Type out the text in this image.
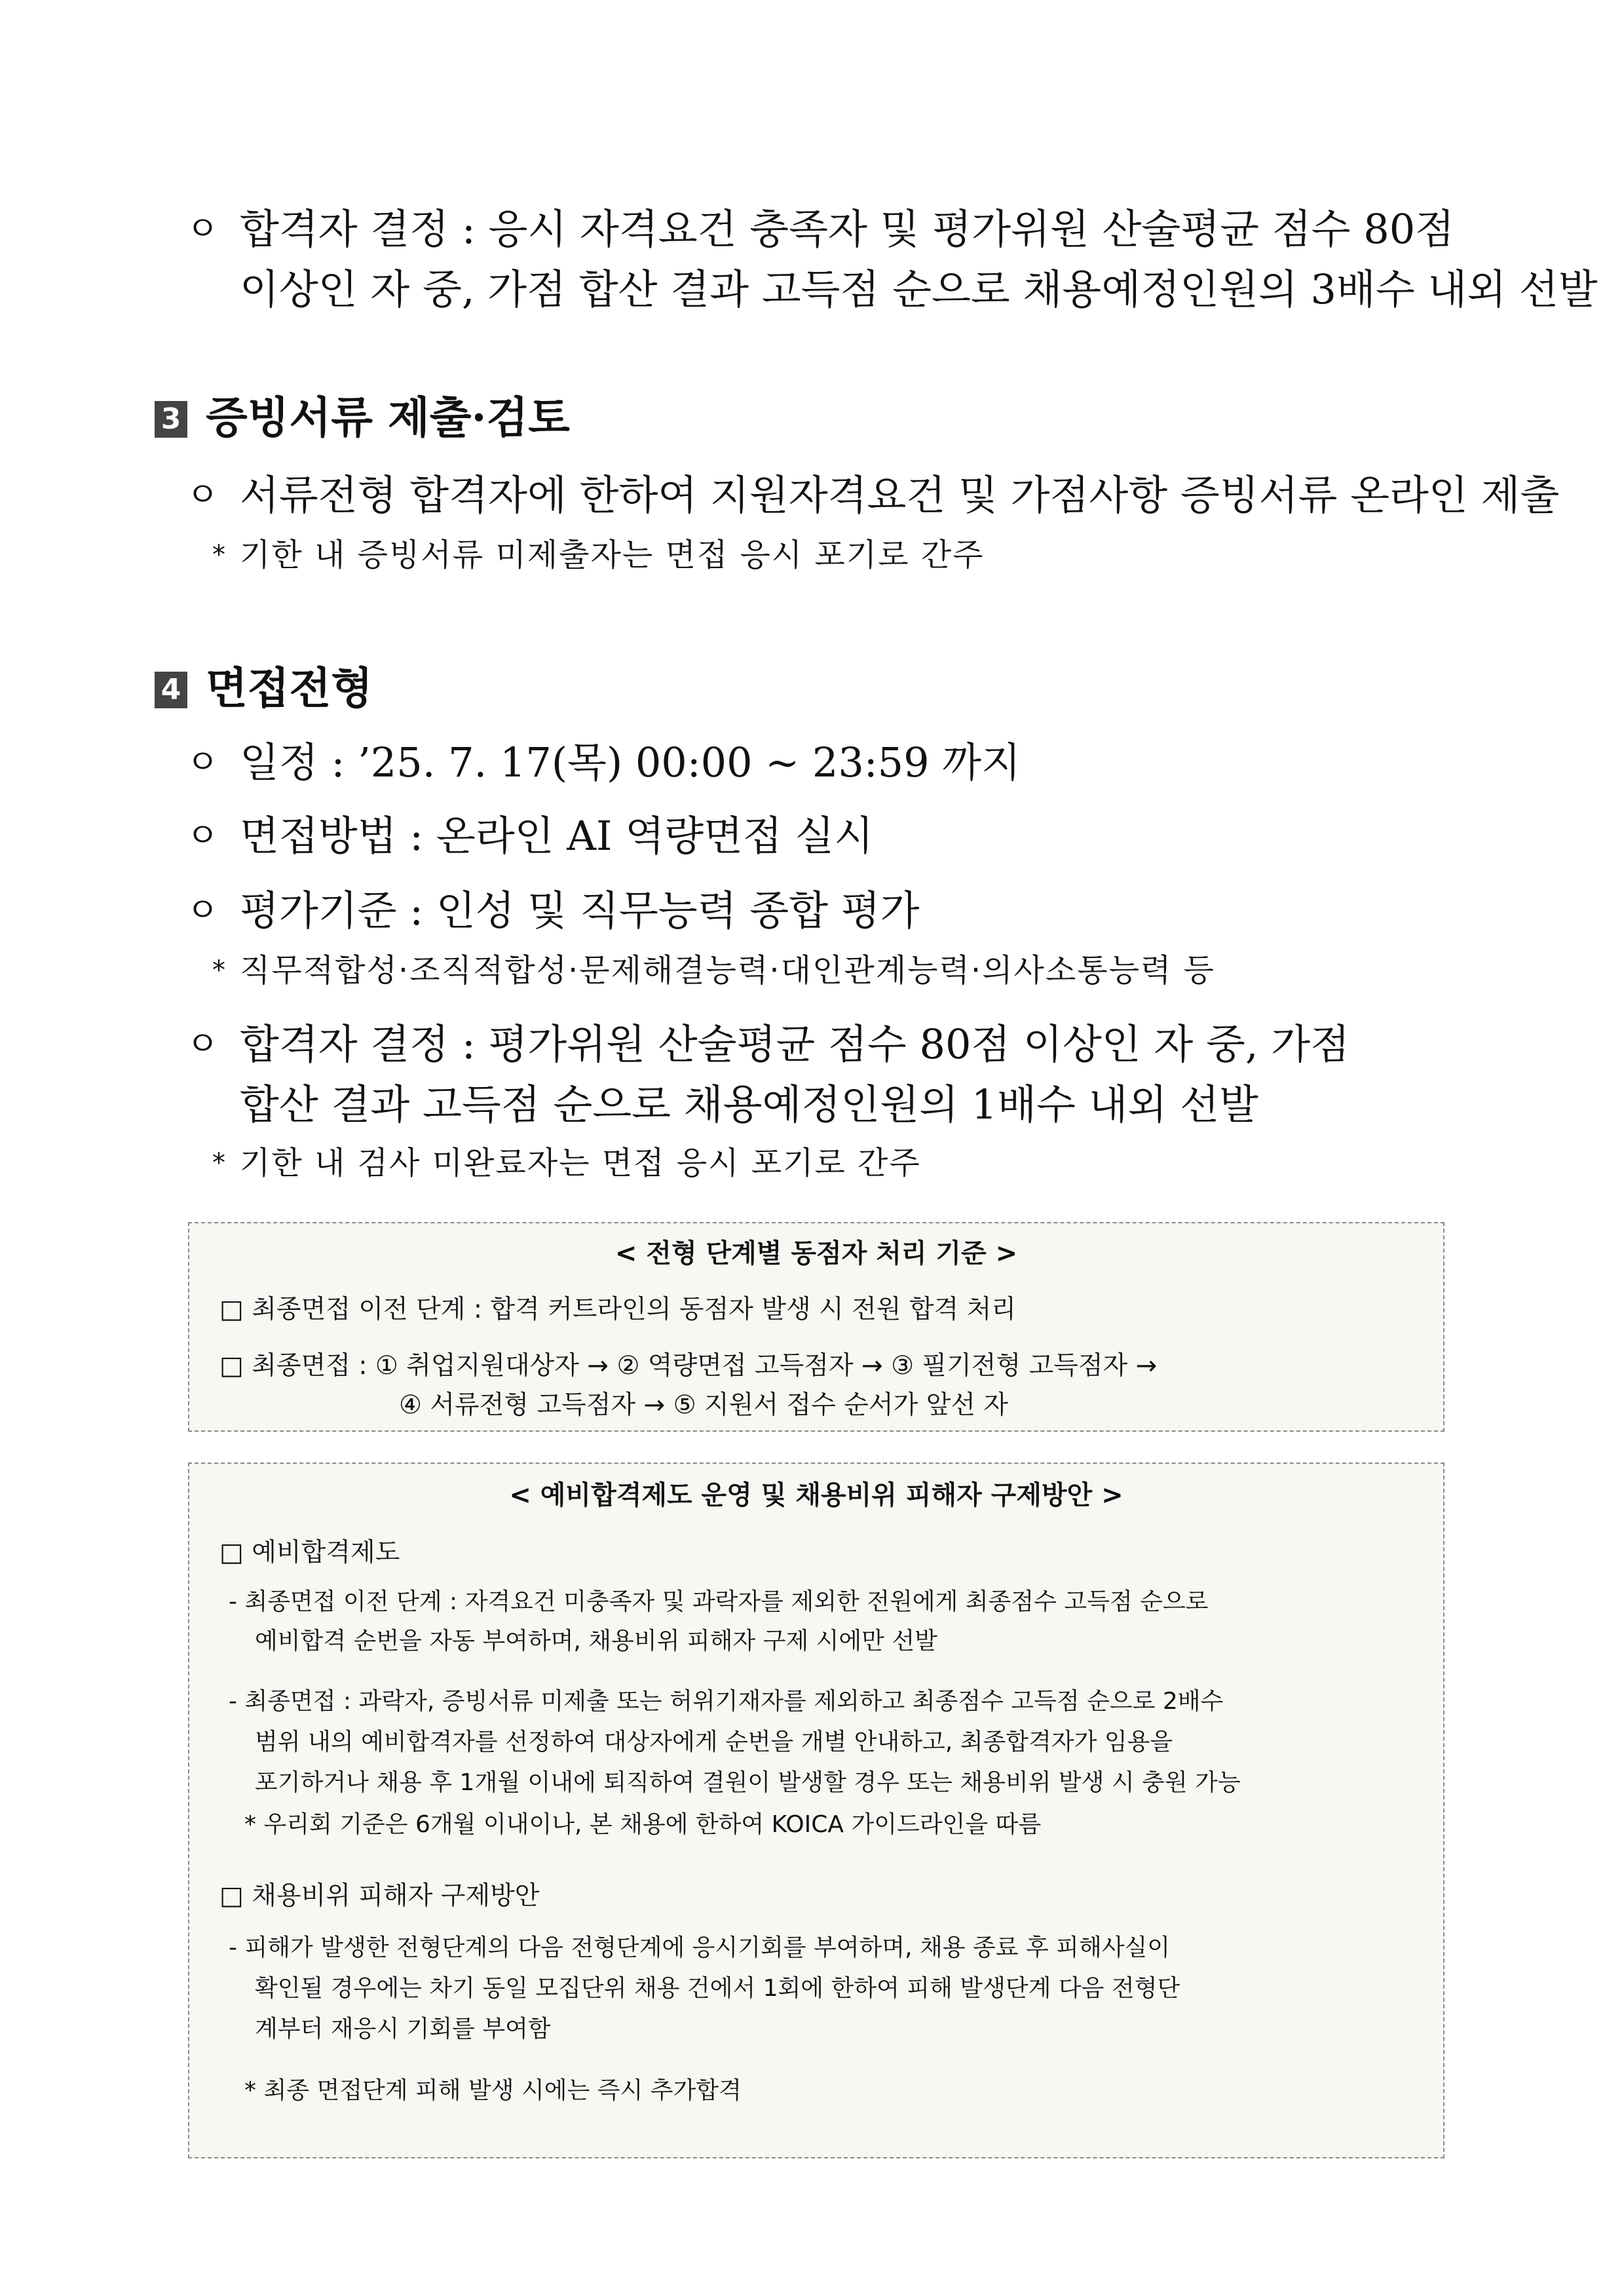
ㅇ 합격자 결정 : 응시 자격요건 충족자 및 평가위원 산술평균 점수 80점
이상인 자 중, 가점 합산 결과 고득점 순으로 채용예정인원의 3배수 내외 선발
3 증빙서류 제출·검토
ㅇ 서류전형 합격자에 한하여 지원자격요건 및 가점사항 증빙서류 온라인 제출
* 기한 내 증빙서류 미제출자는 면접 응시 포기로 간주
4 면접전형
ㅇ 일정 : ’25. 7. 17(목) 00:00 ~ 23:59 까지
ㅇ 면접방법 : 온라인 AI 역량면접 실시
ㅇ 평가기준 : 인성 및 직무능력 종합 평가
* 직무적합성·조직적합성·문제해결능력·대인관계능력·의사소통능력 등
ㅇ 합격자 결정 : 평가위원 산술평균 점수 80점 이상인 자 중, 가점
합산 결과 고득점 순으로 채용예정인원의 1배수 내외 선발
* 기한 내 검사 미완료자는 면접 응시 포기로 간주
< 전형 단계별 동점자 처리 기준 >
□ 최종면접 이전 단계 : 합격 커트라인의 동점자 발생 시 전원 합격 처리
□ 최종면접 : ① 취업지원대상자 → ② 역량면접 고득점자 → ③ 필기전형 고득점자 →
④ 서류전형 고득점자 → ⑤ 지원서 접수 순서가 앞선 자
< 예비합격제도 운영 및 채용비위 피해자 구제방안 >
□ 예비합격제도
- 최종면접 이전 단계 : 자격요건 미충족자 및 과락자를 제외한 전원에게 최종점수 고득점 순으로
예비합격 순번을 자동 부여하며, 채용비위 피해자 구제 시에만 선발
- 최종면접 : 과락자, 증빙서류 미제출 또는 허위기재자를 제외하고 최종점수 고득점 순으로 2배수
범위 내의 예비합격자를 선정하여 대상자에게 순번을 개별 안내하고, 최종합격자가 임용을
포기하거나 채용 후 1개월 이내에 퇴직하여 결원이 발생할 경우 또는 채용비위 발생 시 충원 가능
* 우리회 기준은 6개월 이내이나, 본 채용에 한하여 KOICA 가이드라인을 따름
□ 채용비위 피해자 구제방안
- 피해가 발생한 전형단계의 다음 전형단계에 응시기회를 부여하며, 채용 종료 후 피해사실이
확인될 경우에는 차기 동일 모집단위 채용 건에서 1회에 한하여 피해 발생단계 다음 전형단
계부터 재응시 기회를 부여함
* 최종 면접단계 피해 발생 시에는 즉시 추가합격
